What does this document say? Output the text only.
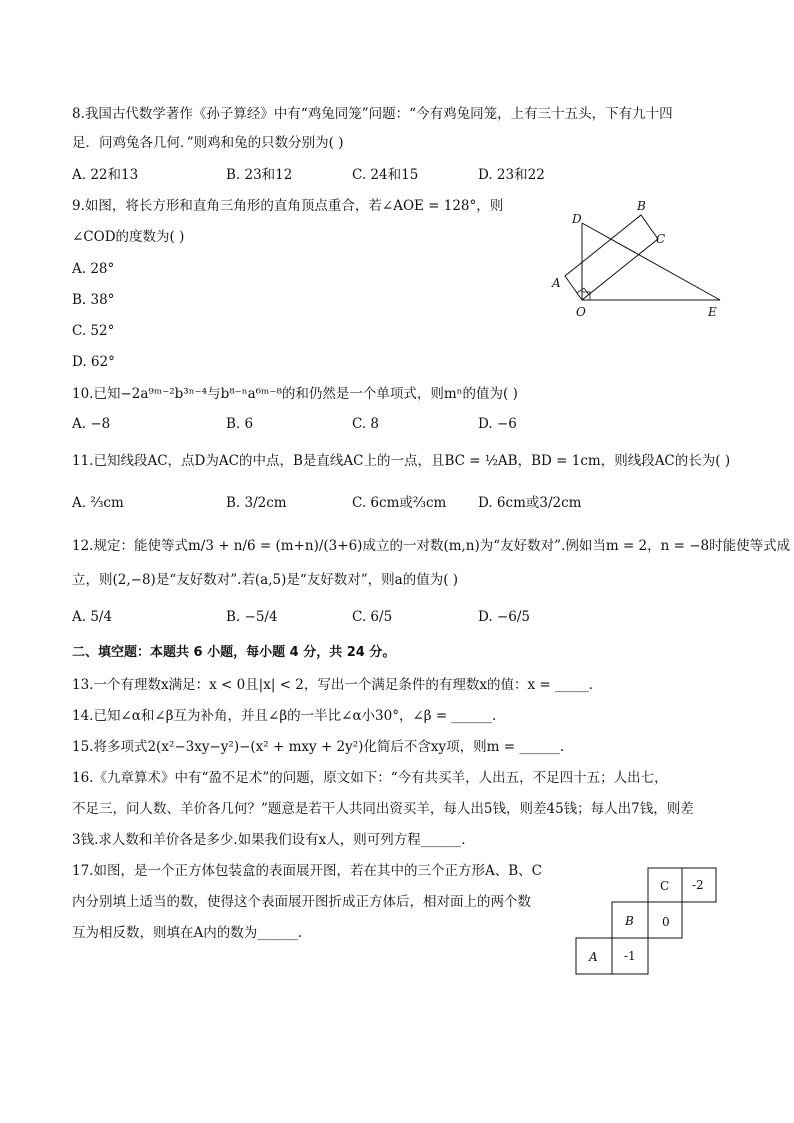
8.我国古代数学著作《孙子算经》中有“鸡兔同笼”问题：“今有鸡兔同笼，上有三十五头，下有九十四
足．问鸡兔各几何．”则鸡和兔的只数分别为( )
A. 22和13	B. 23和12	C. 24和15	D. 23和22
9.如图，将长方形和直角三角形的直角顶点重合，若∠AOE = 128°，则
∠COD的度数为( )
A. 28°
B. 38°
C. 52°
D. 62°
D
B
C
A
O	E
10.已知−2a⁹ᵐ⁻²b³ⁿ⁻⁴与b⁸⁻ⁿa⁶ᵐ⁻⁸的和仍然是一个单项式，则mⁿ的值为( )
A. −8	B. 6	C. 8	D. −6
11.已知线段AC，点D为AC的中点，B是直线AC上的一点，且BC = ½AB，BD = 1cm，则线段AC的长为( )
A. ⅔cm	B. 3/2cm	C. 6cm或⅔cm D. 6cm或3/2cm
12.规定：能使等式m/3 + n/6 = (m+n)/(3+6)成立的一对数(m,n)为“友好数对”.例如当m = 2，n = −8时能使等式成
立，则(2,−8)是“友好数对”.若(a,5)是“友好数对”，则a的值为( )
A. 5/4	B. −5/4	C. 6/5	D. −6/5
二、填空题：本题共 6 小题，每小题 4 分，共 24 分。
13.一个有理数x满足：x < 0且|x| < 2，写出一个满足条件的有理数x的值：x = _____．
14.已知∠α和∠β互为补角，并且∠β的一半比∠α小30°，∠β = ______.
15.将多项式2(x²−3xy−y²)−(x² + mxy + 2y²)化简后不含xy项，则m = ______.
16.《九章算术》中有“盈不足术”的问题，原文如下：“今有共买羊，人出五，不足四十五；人出七，
不足三，问人数、羊价各几何？”题意是若干人共同出资买羊，每人出5钱，则差45钱；每人出7钱，则差
3钱.求人数和羊价各是多少.如果我们设有x人，则可列方程______.
17.如图，是一个正方体包装盒的表面展开图，若在其中的三个正方形A、B、C
内分别填上适当的数，使得这个表面展开图折成正方体后，相对面上的两个数
互为相反数，则填在A内的数为______.
C -2
B 0
A -1
